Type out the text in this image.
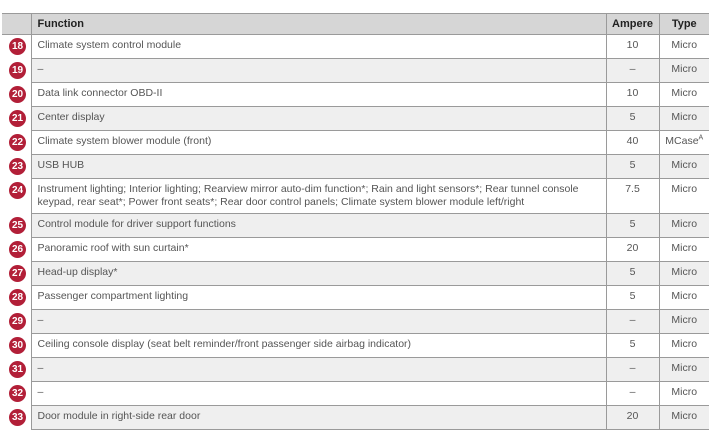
	Function	Ampere	Type
18	Climate system control module	10	Micro
19	–	–	Micro
20	Data link connector OBD-II	10	Micro
21	Center display	5	Micro
22	Climate system blower module (front)	40	MCase$^A$
23	USB HUB	5	Micro
24	Instrument lighting; Interior lighting; Rearview mirror auto-dim function*; Rain and light sensors*; Rear tunnel console keypad, rear seat*; Power front seats*; Rear door control panels; Climate system blower module left/right	7.5	Micro
25	Control module for driver support functions	5	Micro
26	Panoramic roof with sun curtain*	20	Micro
27	Head-up display*	5	Micro
28	Passenger compartment lighting	5	Micro
29	–	–	Micro
30	Ceiling console display (seat belt reminder/front passenger side airbag indicator)	5	Micro
31	–	–	Micro
32	–	–	Micro
33	Door module in right-side rear door	20	Micro
